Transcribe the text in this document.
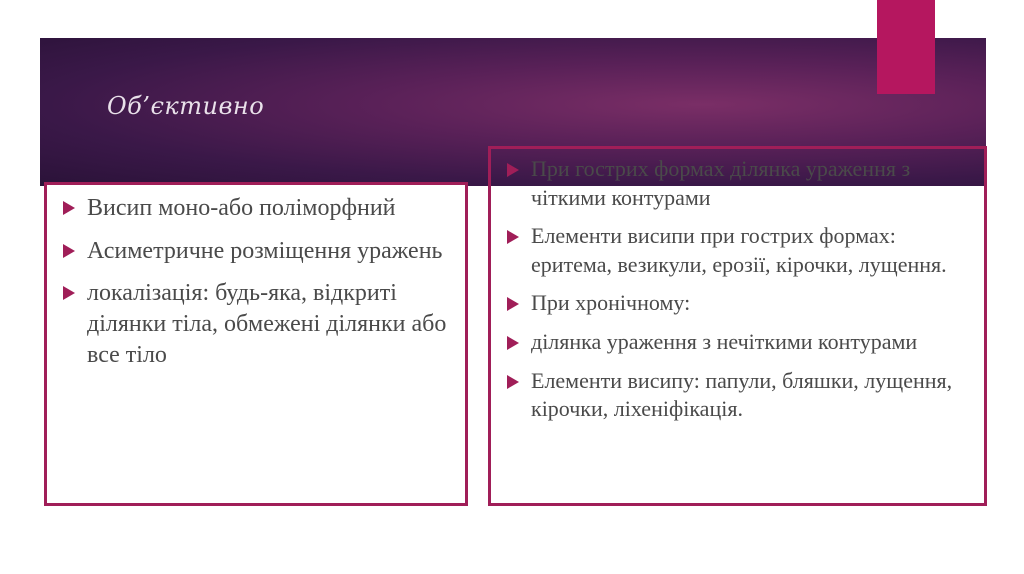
Об’єктивно
Висип моно-або поліморфний
Асиметричне розміщення уражень
локалізація: будь-яка, відкриті ділянки тіла, обмежені ділянки або все тіло
При гострих формах ділянка ураження з чіткими контурами
Елементи висипи при гострих формах: еритема, везикули, ерозії, кірочки, лущення.
При хронічному:
ділянка ураження з нечіткими контурами
Елементи висипу: папули, бляшки, лущення, кірочки, ліхеніфікація.
